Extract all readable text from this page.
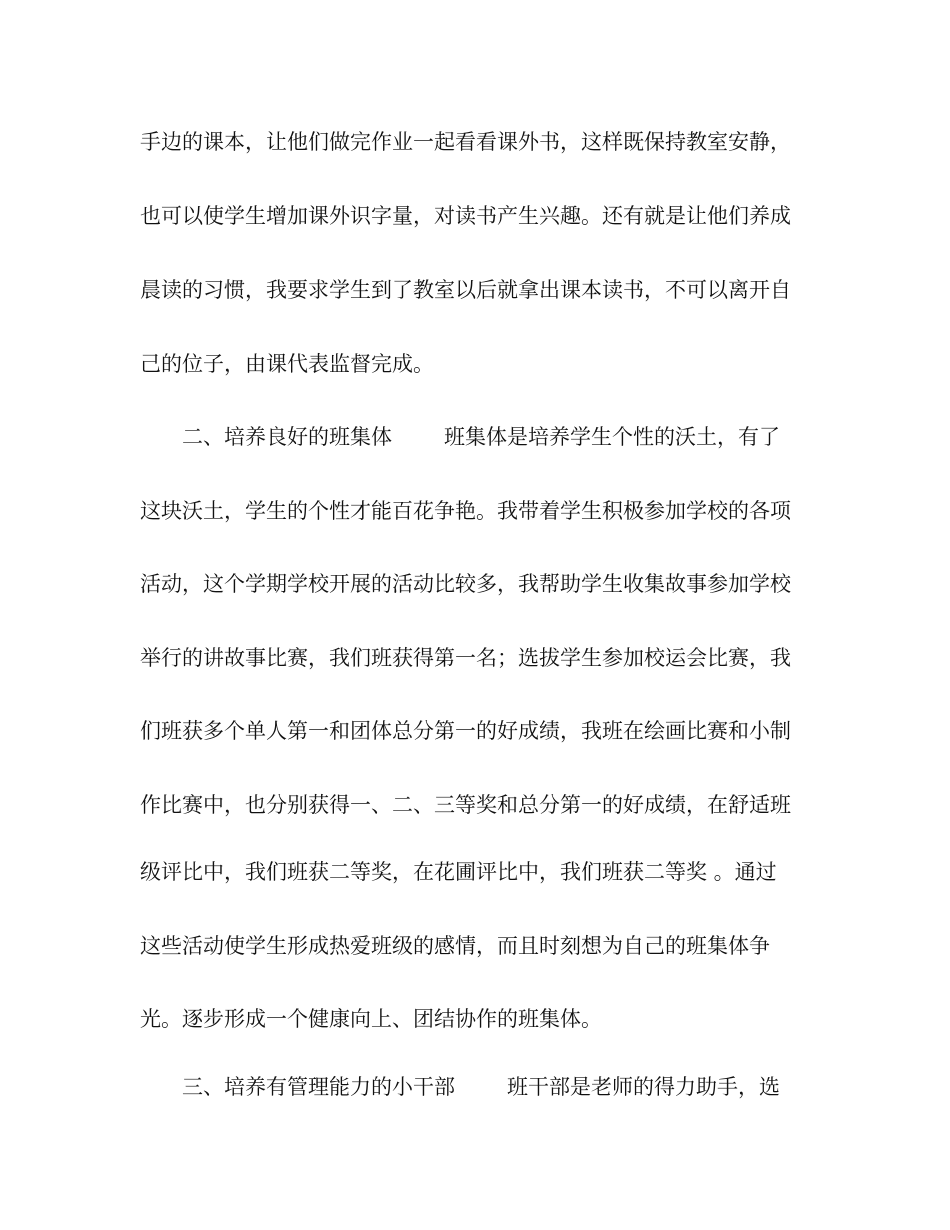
手边的课本，让他们做完作业一起看看课外书，这样既保持教室安静，
也可以使学生增加课外识字量，对读书产生兴趣。还有就是让他们养成
晨读的习惯，我要求学生到了教室以后就拿出课本读书，不可以离开自
己的位子，由课代表监督完成。
二、培养良好的班集体 班集体是培养学生个性的沃土，有了
这块沃土，学生的个性才能百花争艳。我带着学生积极参加学校的各项
活动，这个学期学校开展的活动比较多，我帮助学生收集故事参加学校
举行的讲故事比赛，我们班获得第一名；选拔学生参加校运会比赛，我
们班获多个单人第一和团体总分第一的好成绩，我班在绘画比赛和小制
作比赛中，也分别获得一、二、三等奖和总分第一的好成绩，在舒适班
级评比中，我们班获二等奖，在花圃评比中，我们班获二等奖 。通过
这些活动使学生形成热爱班级的感情，而且时刻想为自己的班集体争
光。逐步形成一个健康向上、团结协作的班集体。
三、培养有管理能力的小干部 班干部是老师的得力助手，选
